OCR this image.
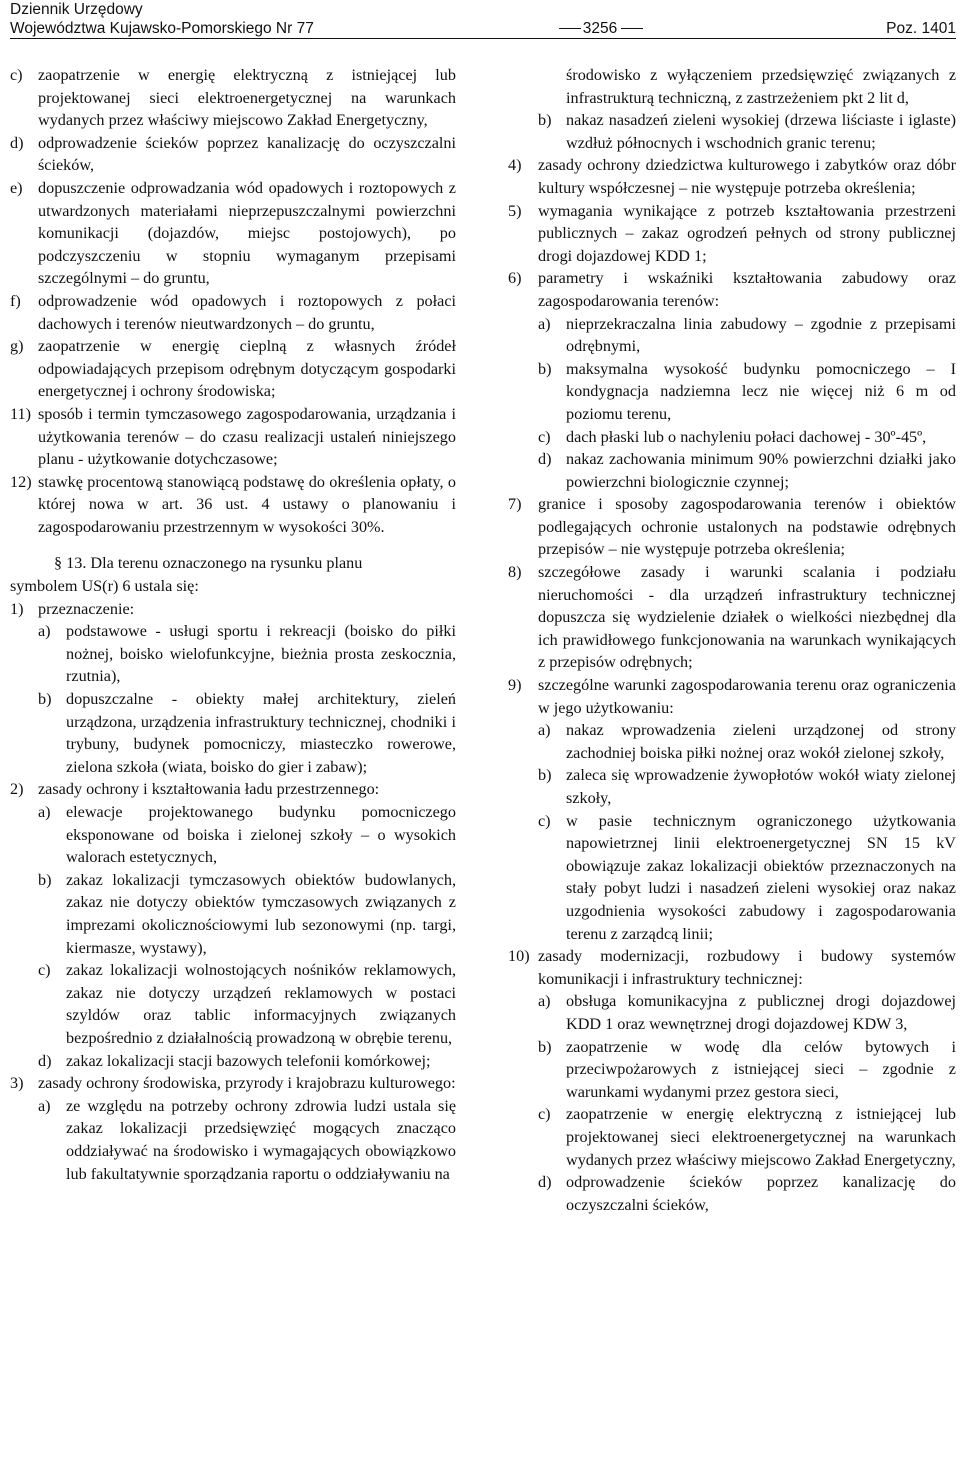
Dziennik Urzędowy
Województwa Kujawsko-Pomorskiego Nr 77	3256	Poz. 1401
c) zaopatrzenie w energię elektryczną z istniejącej lub projektowanej sieci elektroenergetycznej na warunkach wydanych przez właściwy miejscowo Zakład Energetyczny,
d) odprowadzenie ścieków poprzez kanalizację do oczyszczalni ścieków,
e) dopuszczenie odprowadzania wód opadowych i roztopowych z utwardzonych materiałami nieprzepuszczalnymi powierzchni komunikacji (dojazdów, miejsc postojowych), po podczyszczeniu w stopniu wymaganym przepisami szczególnymi – do gruntu,
f)	odprowadzenie wód opadowych i roztopowych z połaci dachowych i terenów nieutwardzonych – do gruntu,
g) zaopatrzenie w energię cieplną z własnych źródeł odpowiadających przepisom odrębnym dotyczącym gospodarki energetycznej i ochrony środowiska;
11) sposób i termin tymczasowego zagospodarowania, urządzania i użytkowania terenów – do czasu realizacji ustaleń niniejszego planu - użytkowanie dotychczasowe;
12) stawkę procentową stanowiącą podstawę do określenia opłaty, o której nowa w art. 36 ust. 4 ustawy o planowaniu i zagospodarowaniu przestrzennym w wysokości 30%.

§ 13. Dla terenu oznaczonego na rysunku planu

symbolem US(r) 6 ustala się:

1) przeznaczenie:
a) podstawowe - usługi sportu i rekreacji (boisko do piłki nożnej, boisko wielofunkcyjne, bieżnia prosta zeskocznia, rzutnia),
b) dopuszczalne - obiekty małej architektury, zieleń urządzona, urządzenia infrastruktury technicznej, chodniki i trybuny, budynek pomocniczy, miasteczko rowerowe, zielona szkoła (wiata, boisko do gier i zabaw);
2) zasady ochrony i kształtowania ładu przestrzennego:
a) elewacje projektowanego budynku pomocniczego eksponowane od boiska i zielonej szkoły – o wysokich walorach estetycznych,
b) zakaz lokalizacji tymczasowych obiektów budowlanych, zakaz nie dotyczy obiektów tymczasowych związanych z imprezami okolicznościowymi lub sezonowymi (np. targi, kiermasze, wystawy),
c) zakaz lokalizacji wolnostojących nośników reklamowych, zakaz nie dotyczy urządzeń reklamowych w postaci szyldów oraz tablic informacyjnych związanych bezpośrednio z działalnością prowadzoną w obrębie terenu,
d) zakaz lokalizacji stacji bazowych telefonii komórkowej;
3) zasady ochrony środowiska, przyrody i krajobrazu kulturowego:
a) ze względu na potrzeby ochrony zdrowia ludzi ustala się zakaz lokalizacji przedsięwzięć mogących znacząco oddziaływać na środowisko i wymagających obowiązkowo lub fakultatywnie sporządzania raportu o oddziaływaniu na
środowisko z wyłączeniem przedsięwzięć związanych z infrastrukturą techniczną, z zastrzeżeniem pkt 2 lit d,
b) nakaz nasadzeń zieleni wysokiej (drzewa liściaste i iglaste) wzdłuż północnych i wschodnich granic terenu;
4)	zasady ochrony dziedzictwa kulturowego i zabytków oraz dóbr kultury współczesnej – nie występuje potrzeba określenia;
5)	wymagania wynikające z potrzeb kształtowania przestrzeni publicznych – zakaz ogrodzeń pełnych od strony publicznej drogi dojazdowej KDD 1;
6)	parametry i wskaźniki kształtowania zabudowy oraz zagospodarowania terenów:
a) nieprzekraczalna linia zabudowy – zgodnie z przepisami odrębnymi,
b) maksymalna wysokość budynku pomocniczego – I kondygnacja nadziemna lecz nie więcej niż 6 m od poziomu terenu,
c) dach płaski lub o nachyleniu połaci dachowej - 30º-45º,
d) nakaz zachowania minimum 90% powierzchni działki jako powierzchni biologicznie czynnej;
7)	granice i sposoby zagospodarowania terenów i obiektów podlegających ochronie ustalonych na podstawie odrębnych przepisów – nie występuje potrzeba określenia;
8)	szczegółowe zasady i warunki scalania i podziału nieruchomości - dla urządzeń infrastruktury technicznej dopuszcza się wydzielenie działek o wielkości niezbędnej dla ich prawidłowego funkcjonowania na warunkach wynikających z przepisów odrębnych;
9)	szczególne warunki zagospodarowania terenu oraz ograniczenia w jego użytkowaniu:
a) nakaz wprowadzenia zieleni urządzonej od strony zachodniej boiska piłki nożnej oraz wokół zielonej szkoły,
b) zaleca się wprowadzenie żywopłotów wokół wiaty zielonej szkoły,
c) w pasie technicznym ograniczonego użytkowania napowietrznej linii elektroenergetycznej SN 15 kV obowiązuje zakaz lokalizacji obiektów przeznaczonych na stały pobyt ludzi i nasadzeń zieleni wysokiej oraz nakaz uzgodnienia wysokości zabudowy i zagospodarowania terenu z zarządcą linii;
10) zasady modernizacji, rozbudowy i budowy systemów komunikacji i infrastruktury technicznej:
a) obsługa komunikacyjna z publicznej drogi dojazdowej KDD 1 oraz wewnętrznej drogi dojazdowej KDW 3,
b) zaopatrzenie w wodę dla celów bytowych i przeciwpożarowych z istniejącej sieci – zgodnie z warunkami wydanymi przez gestora sieci,
c) zaopatrzenie w energię elektryczną z istniejącej lub projektowanej sieci elektroenergetycznej na warunkach wydanych przez właściwy miejscowo Zakład Energetyczny,
d) odprowadzenie ścieków poprzez kanalizację do oczyszczalni ścieków,
